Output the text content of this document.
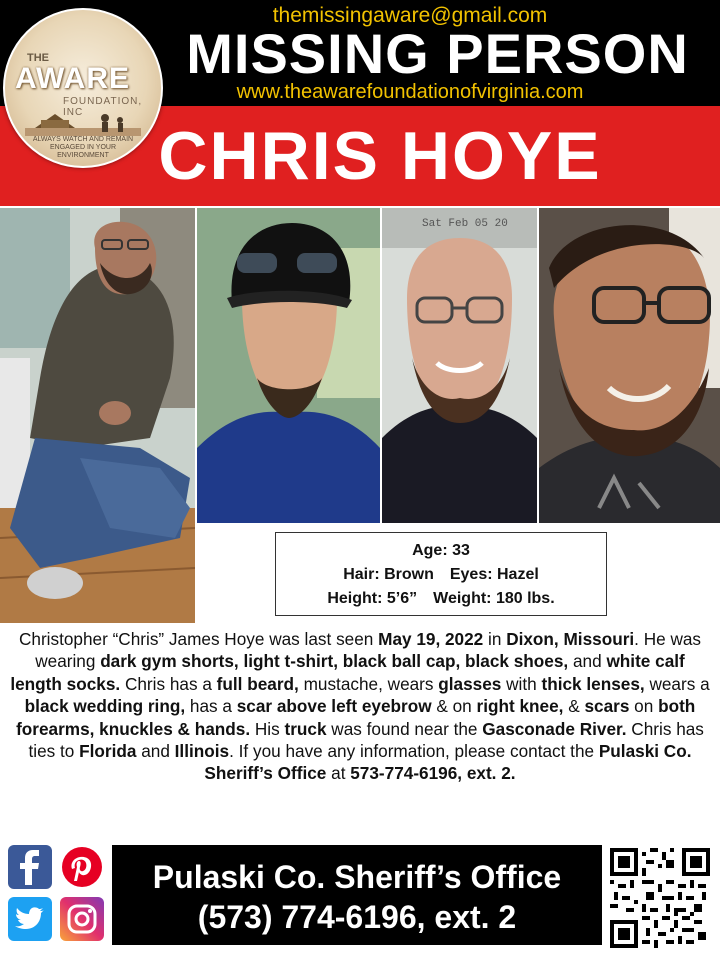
themissingaware@gmail.com
MISSING PERSON
www.theawarefoundationofvirginia.com
CHRIS HOYE
THE
AWARE
FOUNDATION, INC
ALWAYS WATCH AND REMAIN ENGAGED IN YOUR ENVIRONMENT
Sat Feb 05 20
Age: 33
Hair: Brown Eyes: Hazel
Height: 5’6” Weight: 180 lbs.
Christopher “Chris” James Hoye was last seen May 19, 2022 in Dixon, Missouri. He was wearing dark gym shorts, light t-shirt, black ball cap, black shoes, and white calf length socks. Chris has a full beard, mustache, wears glasses with thick lenses, wears a black wedding ring, has a scar above left eyebrow & on right knee, & scars on both forearms, knuckles & hands. His truck was found near the Gasconade River. Chris has ties to Florida and Illinois. If you have any information, please contact the Pulaski Co. Sheriff’s Office at 573-774-6196, ext. 2.
Pulaski Co. Sheriff’s Office
(573) 774-6196, ext. 2
